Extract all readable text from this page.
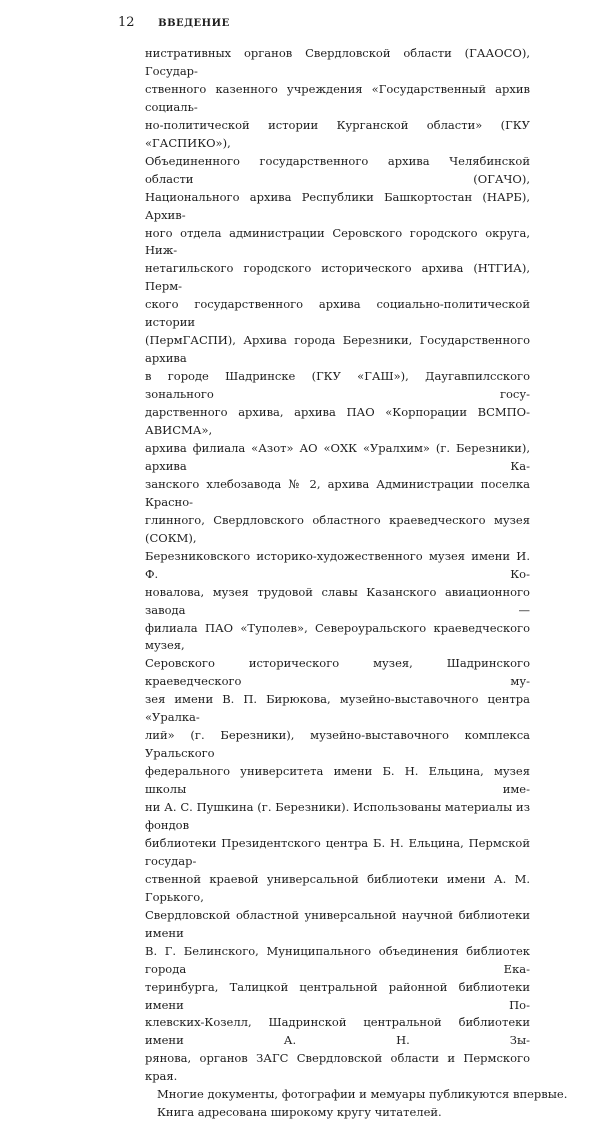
12 ВВЕДЕНИЕ
нистративных органов Свердловской области (ГААОСО), Государ-
ственного казенного учреждения «Государственный архив социаль-
но-политической истории Курганской области» (ГКУ «ГАСПИКО»),
Объединенного государственного архива Челябинской области (ОГАЧО),
Национального архива Республики Башкортостан (НАРБ), Архив-
ного отдела администрации Серовского городского округа, Ниж-
нетагильского городского исторического архива (НТГИА), Перм-
ского государственного архива социально-политической истории
(ПермГАСПИ), Архива города Березники, Государственного архива
в городе Шадринске (ГКУ «ГАШ»), Даугавпилсского зонального госу-
дарственного архива, архива ПАО «Корпорации ВСМПО-АВИСМА»,
архива филиала «Азот» АО «ОХК «Уралхим» (г. Березники), архива Ка-
занского хлебозавода № 2, архива Администрации поселка Красно-
глинного, Свердловского областного краеведческого музея (СОКМ),
Березниковского историко-художественного музея имени И. Ф. Ко-
новалова, музея трудовой славы Казанского авиационного завода —
филиала ПАО «Туполев», Североуральского краеведческого музея,
Серовского исторического музея, Шадринского краеведческого му-
зея имени В. П. Бирюкова, музейно-выставочного центра «Уралка-
лий» (г. Березники), музейно-выставочного комплекса Уральского
федерального университета имени Б. Н. Ельцина, музея школы име-
ни А. С. Пушкина (г. Березники). Использованы материалы из фондов
библиотеки Президентского центра Б. Н. Ельцина, Пермской государ-
ственной краевой универсальной библиотеки имени А. М. Горького,
Свердловской областной универсальной научной библиотеки имени
В. Г. Белинского, Муниципального объединения библиотек города Ека-
теринбурга, Талицкой центральной районной библиотеки имени По-
клевских-Козелл, Шадринской центральной библиотеки имени А. Н. Зы-
рянова, органов ЗАГС Свердловской области и Пермского края.
Многие документы, фотографии и мемуары публикуются впервые.
Книга адресована широкому кругу читателей.
